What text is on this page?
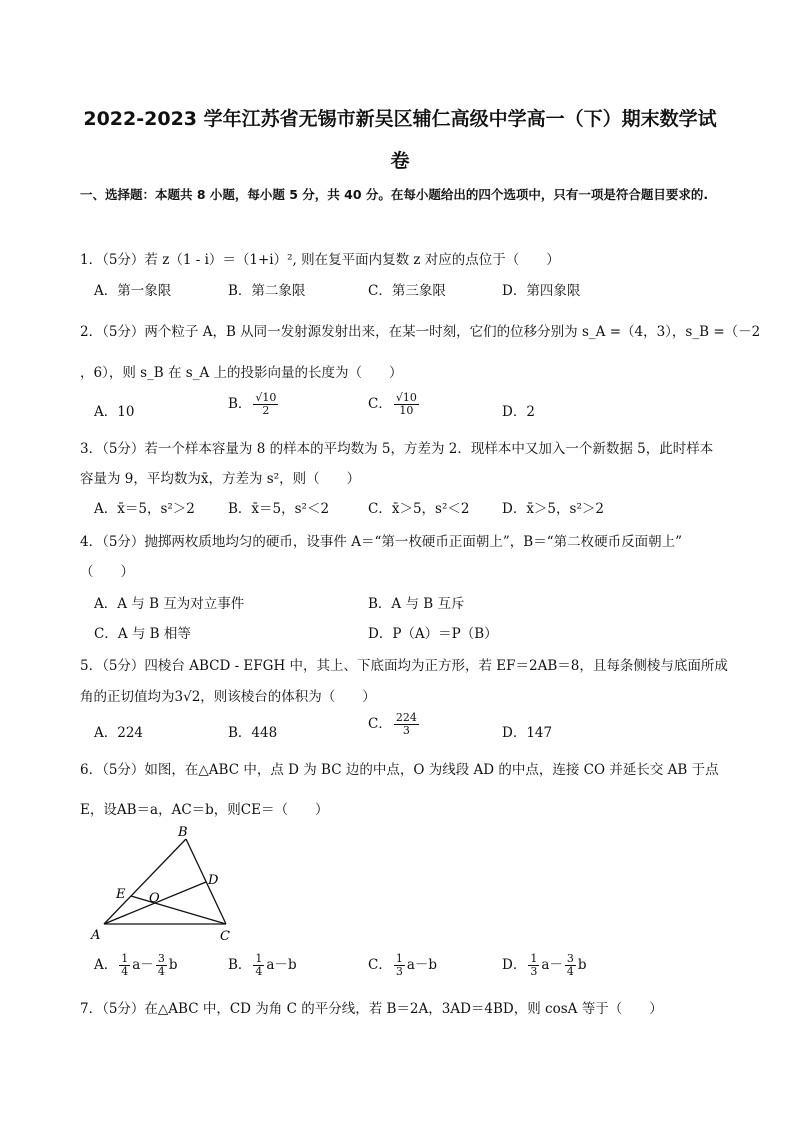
2022-2023 学年江苏省无锡市新吴区辅仁高级中学高一（下）期末数学试
卷
一、选择题：本题共 8 小题，每小题 5 分，共 40 分。在每小题给出的四个选项中，只有一项是符合题目要求的.
1．（5分）若 z（1 - i）＝（1+i）², 则在复平面内复数 z 对应的点位于（　　）
A．第一象限	B．第二象限	C．第三象限	D．第四象限
2．（5分）两个粒子 A，B 从同一发射源发射出来，在某一时刻，它们的位移分别为 s_A =（4，3），s_B =（－2
，6），则 s_B 在 s_A 上的投影向量的长度为（　　）
A．10	B． $\frac{√10}{2}$	C． $\frac{√10}{10}$	D．2
3．（5分）若一个样本容量为 8 的样本的平均数为 5，方差为 2．现样本中又加入一个新数据 5，此时样本
容量为 9，平均数为x̄，方差为 s²，则（　　）
A．x̄＝5，s²＞2 B．x̄＝5，s²＜2	C．x̄＞5，s²＜2 D．x̄＞5，s²＞2
4．（5分）抛掷两枚质地均匀的硬币，设事件 A＝“第一枚硬币正面朝上”，B＝“第二枚硬币反面朝上”
（　　）
A．A 与 B 互为对立事件	B．A 与 B 互斥
C．A 与 B 相等	D．P（A）＝P（B）
5．（5分）四棱台 ABCD - EFGH 中，其上、下底面均为正方形，若 EF＝2AB＝8，且每条侧棱与底面所成
角的正切值均为3√2，则该棱台的体积为（　　）
A．224	B．448
C． $\frac{224}{3}$	D．147
6．（5分）如图，在△ABC 中，点 D 为 BC 边的中点，O 为线段 AD 的中点，连接 CO 并延长交 AB 于点
E，设AB＝a，AC＝b，则CE＝（　　）
B
A	C
D
E O
A． $\frac{1}{4} a- \frac{3}{4}$ b	B． $\frac{1}{4} a-b$	C． $\frac{1}{3} a-b$	D． $\frac{1}{3} a- \frac{3}{4}$ b
7．（5分）在△ABC 中，CD 为角 C 的平分线，若 B＝2A，3AD＝4BD，则 cosA 等于（　　）
